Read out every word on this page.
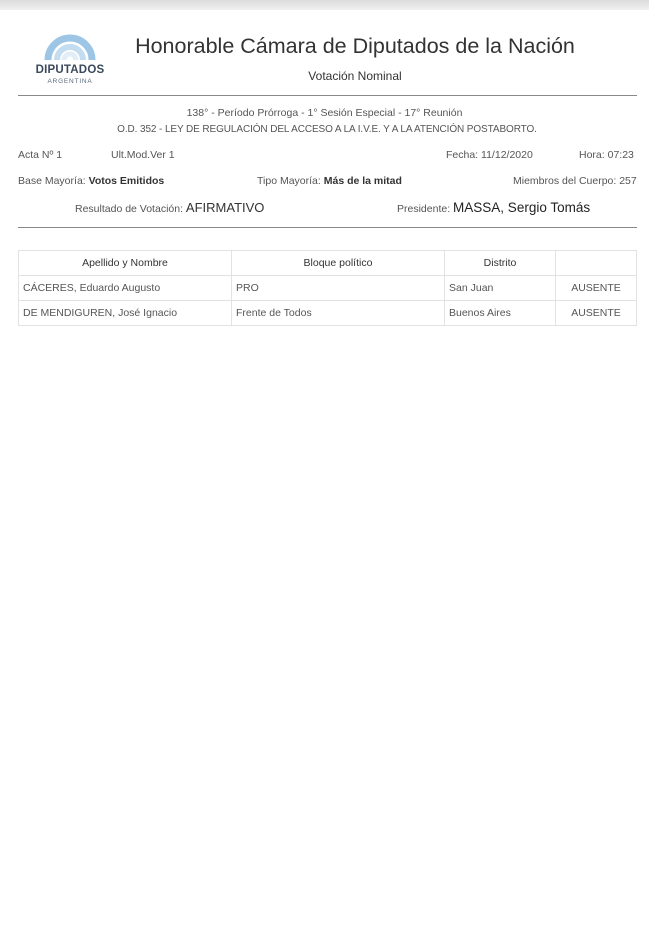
DIPUTADOS
ARGENTINA
Honorable Cámara de Diputados de la Nación
Votación Nominal
138° - Período Prórroga - 1° Sesión Especial - 17° Reunión
O.D. 352 - LEY DE REGULACIÓN DEL ACCESO A LA I.V.E. Y A LA ATENCIÓN POSTABORTO.
Acta Nº 1	Ult.Mod.Ver 1	Fecha: 11/12/2020	Hora: 07:23
Base Mayoría: Votos Emitidos	Tipo Mayoría: Más de la mitad	Miembros del Cuerpo: 257
Resultado de Votación: AFIRMATIVO	Presidente: MASSA, Sergio Tomás
Apellido y Nombre	Bloque político	Distrito	
CÁCERES, Eduardo Augusto	PRO	San Juan	AUSENTE
DE MENDIGUREN, José Ignacio	Frente de Todos	Buenos Aires	AUSENTE
